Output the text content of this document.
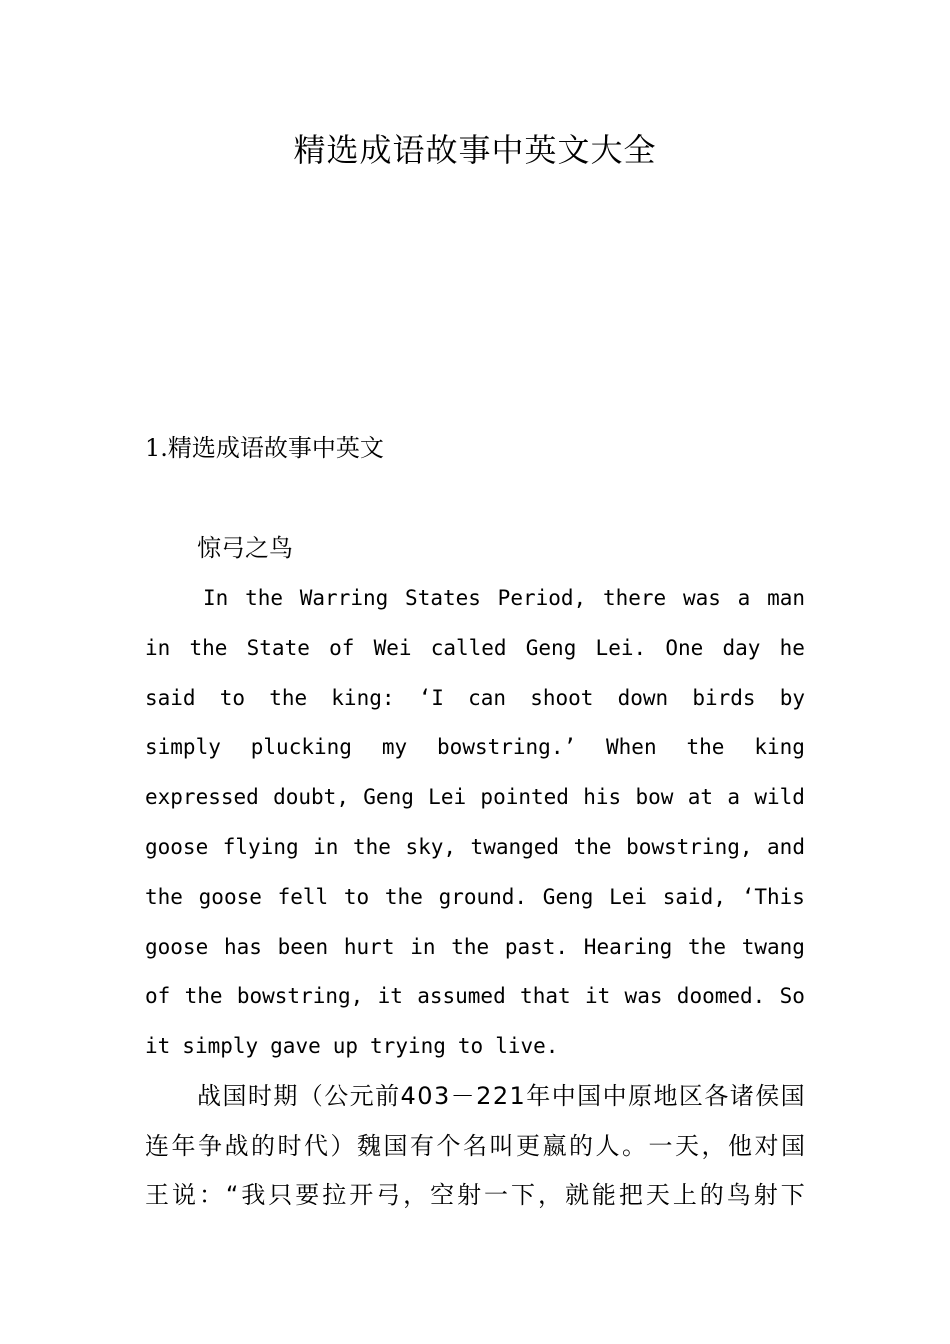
精选成语故事中英文大全
1.精选成语故事中英文

惊弓之鸟

In the Warring States Period, there was a man
in the State of Wei called Geng Lei. One day he
said to the king: ‘I can shoot down birds by
simply plucking my bowstring.’ When the king
expressed doubt, Geng Lei pointed his bow at a wild
goose flying in the sky, twanged the bowstring, and
the goose fell to the ground. Geng Lei said, ‘This
goose has been hurt in the past. Hearing the twang
of the bowstring, it assumed that it was doomed. So
it simply gave up trying to live.
战 国 时 期 （ 公 元 前 4 0 3 － 2 2 1 年 中 国 中 原 地 区 各 诸 侯 国
连 年 争 战 的 时 代 ） 魏 国 有 个 名 叫 更 嬴 的 人 。 一 天 ， 他 对 国
王 说 ： “ 我 只 要 拉 开 弓 ， 空 射 一 下 ， 就 能 把 天 上 的 鸟 射 下
